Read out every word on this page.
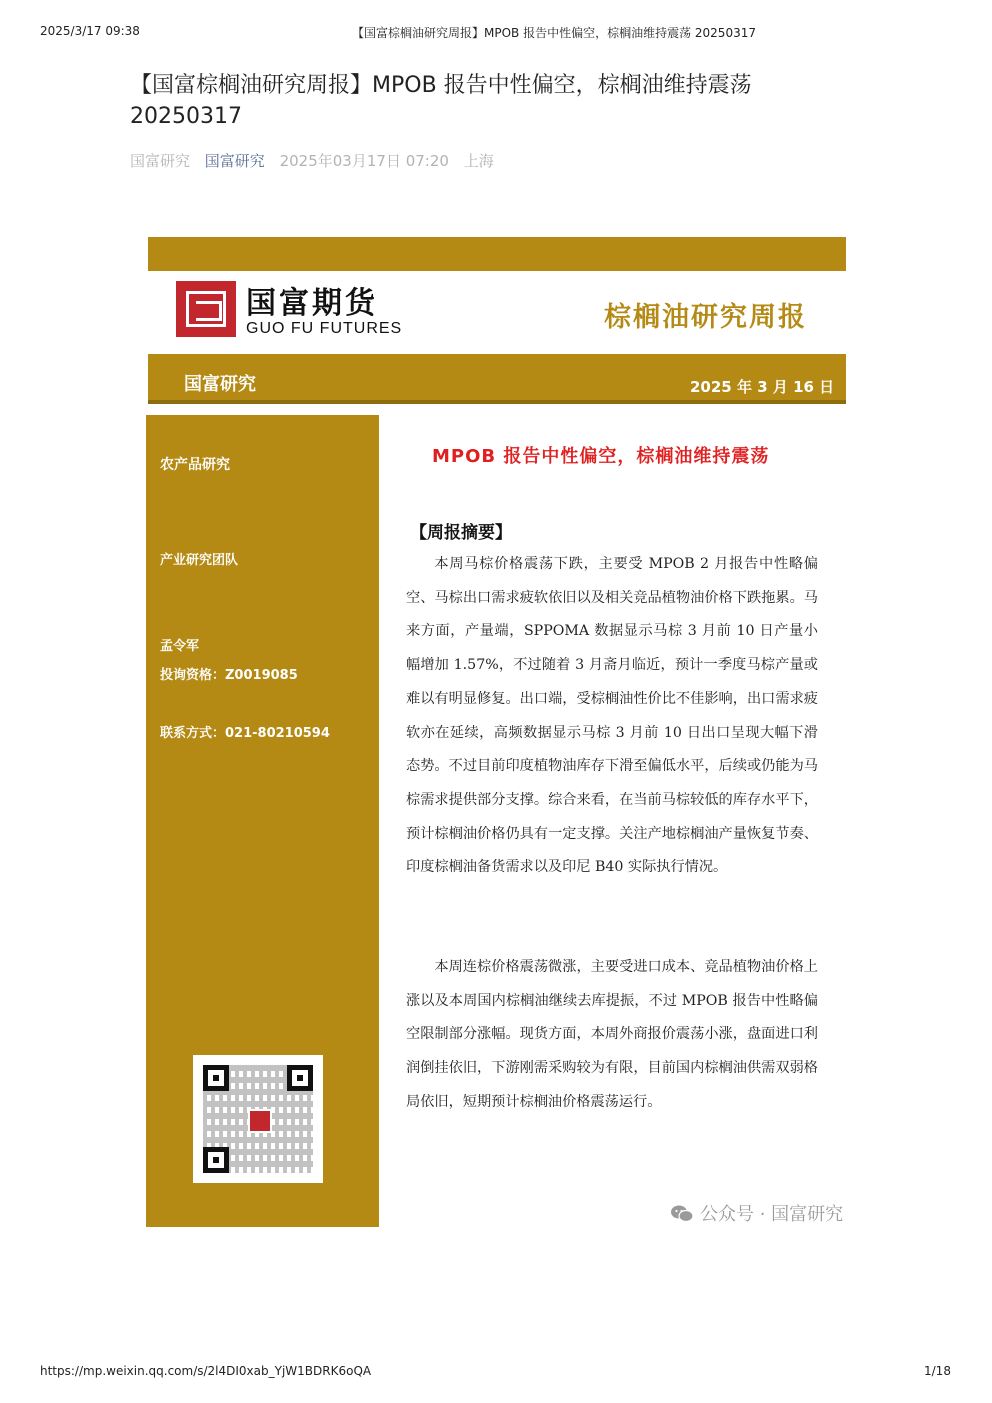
2025/3/17 09:38	【国富棕榈油研究周报】MPOB 报告中性偏空，棕榈油维持震荡 20250317
【国富棕榈油研究周报】MPOB 报告中性偏空，棕榈油维持震荡 20250317
国富研究 国富研究 2025年03月17日 07:20 上海
国富期货
GUO FU FUTURES	棕榈油研究周报
国富研究	2025 年 3 月 16 日
农产品研究
产业研究团队
孟令军
投询资格：Z0019085
联系方式：021-80210594
MPOB 报告中性偏空，棕榈油维持震荡
【周报摘要】
本周马棕价格震荡下跌，主要受 MPOB 2 月报告中性略偏空、马棕出口需求疲软依旧以及相关竞品植物油价格下跌拖累。马来方面，产量端，SPPOMA 数据显示马棕 3 月前 10 日产量小幅增加 1.57%，不过随着 3 月斋月临近，预计一季度马棕产量或难以有明显修复。出口端，受棕榈油性价比不佳影响，出口需求疲软亦在延续，高频数据显示马棕 3 月前 10 日出口呈现大幅下滑态势。不过目前印度植物油库存下滑至偏低水平，后续或仍能为马棕需求提供部分支撑。综合来看，在当前马棕较低的库存水平下，预计棕榈油价格仍具有一定支撑。关注产地棕榈油产量恢复节奏、印度棕榈油备货需求以及印尼 B40 实际执行情况。
本周连棕价格震荡微涨，主要受进口成本、竞品植物油价格上涨以及本周国内棕榈油继续去库提振，不过 MPOB 报告中性略偏空限制部分涨幅。现货方面，本周外商报价震荡小涨，盘面进口利润倒挂依旧，下游刚需采购较为有限，目前国内棕榈油供需双弱格局依旧，短期预计棕榈油价格震荡运行。
公众号 · 国富研究
https://mp.weixin.qq.com/s/2l4DI0xab_YjW1BDRK6oQA	1/18
